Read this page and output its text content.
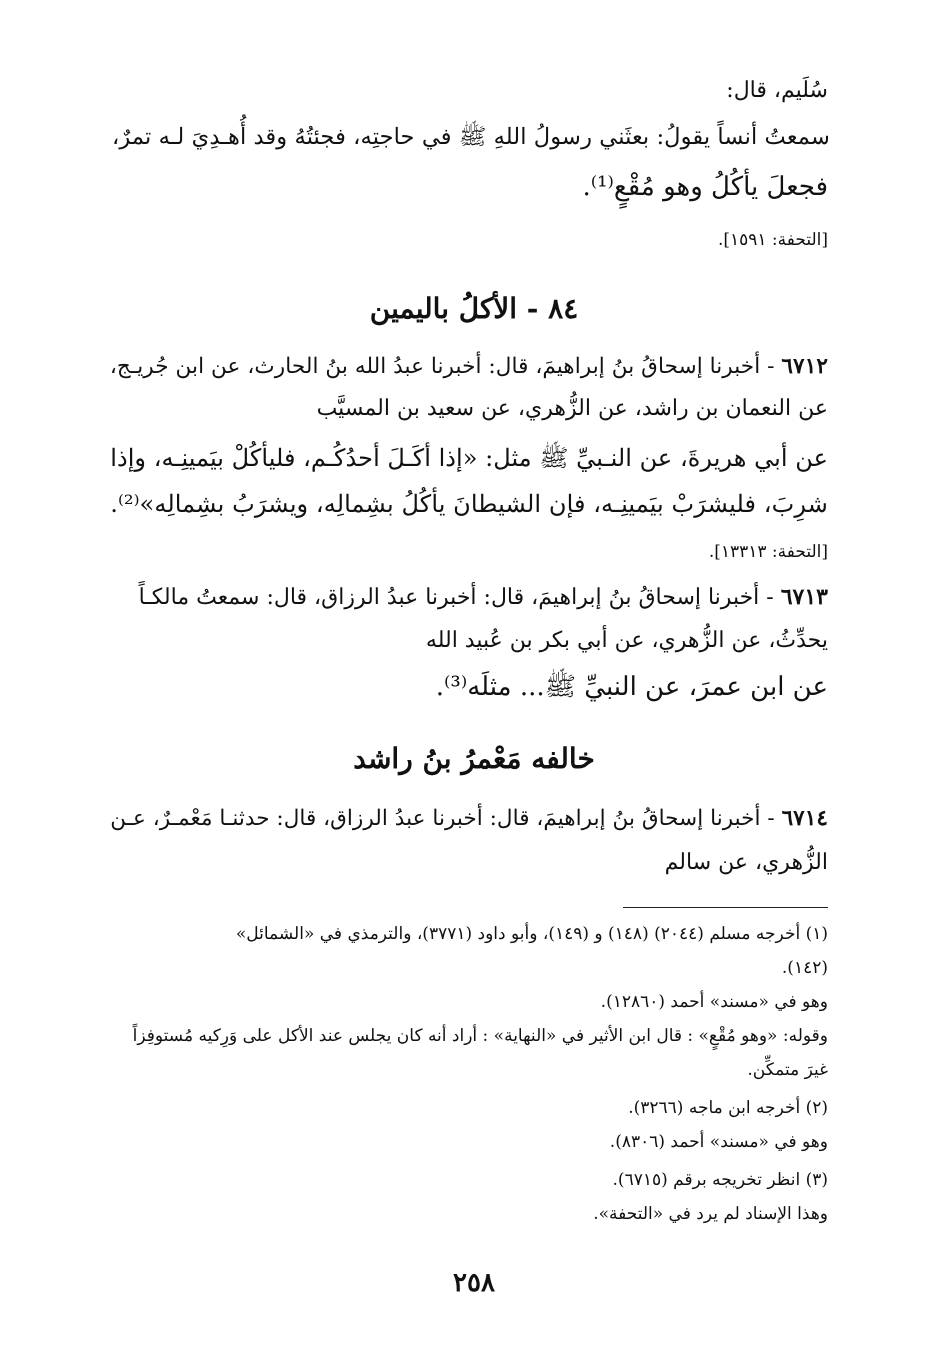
سُلَيم، قال:
سمعتُ أنساً يقولُ: بعثَني رسولُ اللهِ ﷺ في حاجتِه، فجئتُهُ وقد أُهـدِيَ لـه تمرٌ،
فجعلَ يأكُلُ وهو مُقْعٍ⁽¹⁾.
[التحفة: ١٥٩١].
٨٤ - الأكلُ باليمين
٦٧١٢ - أخبرنا إسحاقُ بنُ إبراهيمَ، قال: أخبرنا عبدُ الله بنُ الحارث، عن ابن جُريـج،
عن النعمان بن راشد، عن الزُّهري، عن سعيد بن المسيَّب
عن أبي هريرةَ، عن النـبيِّ ﷺ مثل: «إذا أكَـلَ أحدُكُـم، فليأكُلْ بيَمينِـه، وإذا
شرِبَ، فليشرَبْ بيَمينِـه، فإن الشيطانَ يأكُلُ بشِمالِه، ويشرَبُ بشِمالِه»⁽²⁾.
[التحفة: ١٣٣١٣].
٦٧١٣ - أخبرنا إسحاقُ بنُ إبراهيمَ، قال: أخبرنا عبدُ الرزاق، قال: سمعتُ مالكـاً
يحدِّثُ، عن الزُّهري، عن أبي بكر بن عُبيد الله
عن ابن عمرَ، عن النبيِّ ﷺ... مثلَه⁽³⁾.
خالفه مَعْمرُ بنُ راشد
٦٧١٤ - أخبرنا إسحاقُ بنُ إبراهيمَ، قال: أخبرنا عبدُ الرزاق، قال: حدثنـا مَعْمـرٌ، عـن
الزُّهري، عن سالم
(١) أخرجه مسلم (٢٠٤٤) (١٤٨) و (١٤٩)، وأبو داود (٣٧٧١)، والترمذي في «الشمائل»
(١٤٢).
وهو في «مسند» أحمد (١٢٨٦٠).
وقوله: «وهو مُقْعٍ» : قال ابن الأثير في «النهاية» : أراد أنه كان يجلس عند الأكل على وَرِكيه مُستوفِزاً
غيرَ متمكِّن.
(٢) أخرجه ابن ماجه (٣٢٦٦).
وهو في «مسند» أحمد (٨٣٠٦).
(٣) انظر تخريجه برقم (٦٧١٥).
وهذا الإسناد لم يرد في «التحفة».
٢٥٨
